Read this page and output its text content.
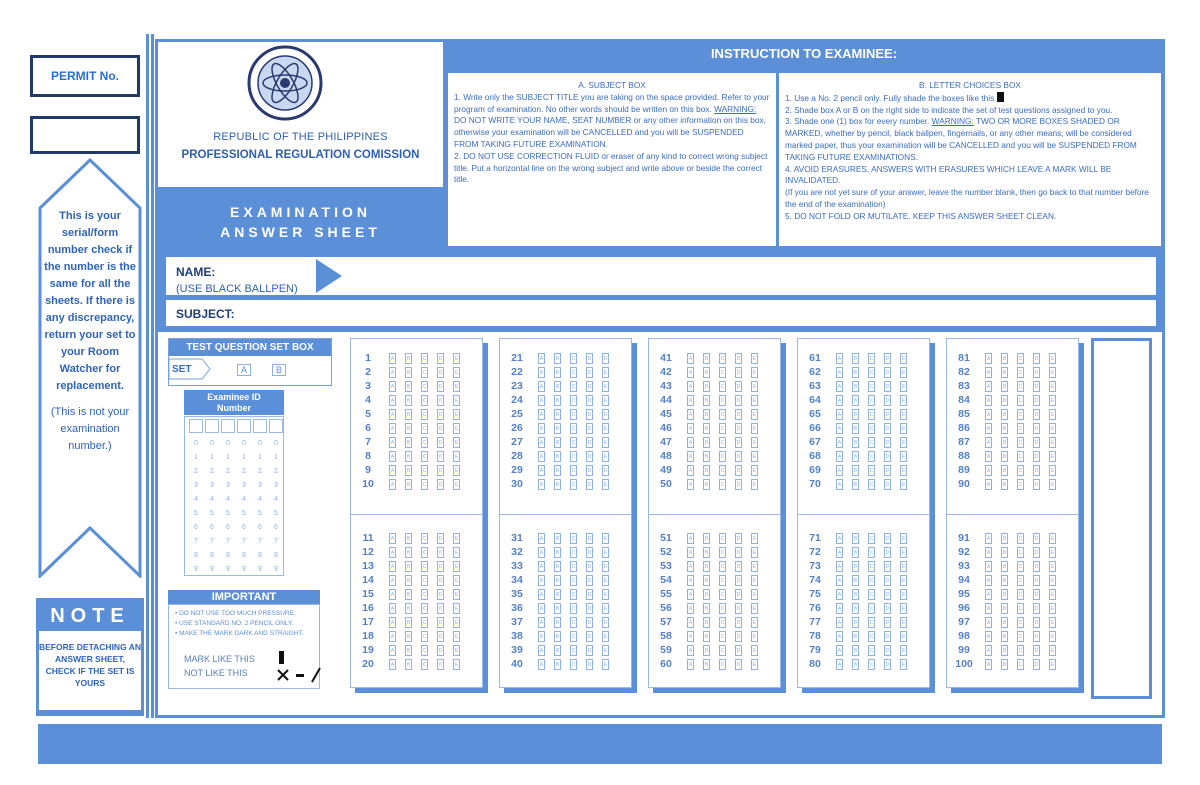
PERMIT No.
This is your serial/form number check if the number is the same for all the sheets. If there is any discrepancy, return your set to your Room Watcher for replacement.
(This is not your examination number.)
NOTE
BEFORE DETACHING AN ANSWER SHEET, CHECK IF THE SET IS YOURS
REPUBLIC OF THE PHILIPPINES
PROFESSIONAL REGULATION COMISSION
EXAMINATION
ANSWER SHEET
INSTRUCTION TO EXAMINEE:
A. SUBJECT BOX
1. Write only the SUBJECT TITLE you are taking on the space provided. Refer to your program of examination. No other words should be written on this box. WARNING: DO NOT WRITE YOUR NAME, SEAT NUMBER or any other information on this box, otherwise your examination will be CANCELLED and you will be SUSPENDED FROM TAKING FUTURE EXAMINATION.
2. DO NOT USE CORRECTION FLUID or eraser of any kind to correct wrong subject title. Put a horizontal line on the wrong subject and write above or beside the correct title.
B. LETTER CHOICES BOX
1. Use a No. 2 pencil only. Fully shade the boxes like this
2. Shade box A or B on the right side to indicate the set of test questions assigned to you.
3. Shade one (1) box for every number. WARNING: TWO OR MORE BOXES SHADED OR MARKED, whether by pencil, black ballpen, fingernails, or any other means, will be considered marked paper, thus your examination will be CANCELLED and you will be SUSPENDED FROM TAKING FUTURE EXAMINATIONS.
4. AVOID ERASURES, ANSWERS WITH ERASURES WHICH LEAVE A MARK WILL BE INVALIDATED.
(If you are not yet sure of your answer, leave the number blank, then go back to that number before the end of the examination)
5. DO NOT FOLD OR MUTILATE. KEEP THIS ANSWER SHEET CLEAN.
NAME:
(USE BLACK BALLPEN)
SUBJECT:
TEST QUESTION SET BOX
SET	A	B
Examinee ID
Number
0	0	0	0	0	0
1	1	1	1	1	1
2	2	2	2	2	2
3	3	3	3	3	3
4	4	4	4	4	4
5	5	5	5	5	5
6	6	6	6	6	6
7	7	7	7	7	7
8	8	8	8	8	8
9	9	9	9	9	9
IMPORTANT
• DO NOT USE TOO MUCH PRESSURE.
• USE STANDARD NO. 2 PENCIL ONLY.
• MAKE THE MARK DARK AND STRAIGHT.
MARK LIKE THIS
NOT LIKE THIS
1	A	B	C	D	E
2	A	B	C	D	E
3	A	B	C	D	E
4	A	B	C	D	E
5	A	B	C	D	E
6	A	B	C	D	E
7	A	B	C	D	E
8	A	B	C	D	E
9	A	B	C	D	E
10	A	B	C	D	E
11	A	B	C	D	E
12	A	B	C	D	E
13	A	B	C	D	E
14	A	B	C	D	E
15	A	B	C	D	E
16	A	B	C	D	E
17	A	B	C	D	E
18	A	B	C	D	E
19	A	B	C	D	E
20	A	B	C	D	E
21	A	B	C	D	E
22	A	B	C	D	E
23	A	B	C	D	E
24	A	B	C	D	E
25	A	B	C	D	E
26	A	B	C	D	E
27	A	B	C	D	E
28	A	B	C	D	E
29	A	B	C	D	E
30	A	B	C	D	E
31	A	B	C	D	E
32	A	B	C	D	E
33	A	B	C	D	E
34	A	B	C	D	E
35	A	B	C	D	E
36	A	B	C	D	E
37	A	B	C	D	E
38	A	B	C	D	E
39	A	B	C	D	E
40	A	B	C	D	E
41	A	B	C	D	E
42	A	B	C	D	E
43	A	B	C	D	E
44	A	B	C	D	E
45	A	B	C	D	E
46	A	B	C	D	E
47	A	B	C	D	E
48	A	B	C	D	E
49	A	B	C	D	E
50	A	B	C	D	E
51	A	B	C	D	E
52	A	B	C	D	E
53	A	B	C	D	E
54	A	B	C	D	E
55	A	B	C	D	E
56	A	B	C	D	E
57	A	B	C	D	E
58	A	B	C	D	E
59	A	B	C	D	E
60	A	B	C	D	E
61	A	B	C	D	E
62	A	B	C	D	E
63	A	B	C	D	E
64	A	B	C	D	E
65	A	B	C	D	E
66	A	B	C	D	E
67	A	B	C	D	E
68	A	B	C	D	E
69	A	B	C	D	E
70	A	B	C	D	E
71	A	B	C	D	E
72	A	B	C	D	E
73	A	B	C	D	E
74	A	B	C	D	E
75	A	B	C	D	E
76	A	B	C	D	E
77	A	B	C	D	E
78	A	B	C	D	E
79	A	B	C	D	E
80	A	B	C	D	E
81	A	B	C	D	E
82	A	B	C	D	E
83	A	B	C	D	E
84	A	B	C	D	E
85	A	B	C	D	E
86	A	B	C	D	E
87	A	B	C	D	E
88	A	B	C	D	E
89	A	B	C	D	E
90	A	B	C	D	E
91	A	B	C	D	E
92	A	B	C	D	E
93	A	B	C	D	E
94	A	B	C	D	E
95	A	B	C	D	E
96	A	B	C	D	E
97	A	B	C	D	E
98	A	B	C	D	E
99	A	B	C	D	E
100	A	B	C	D	E
